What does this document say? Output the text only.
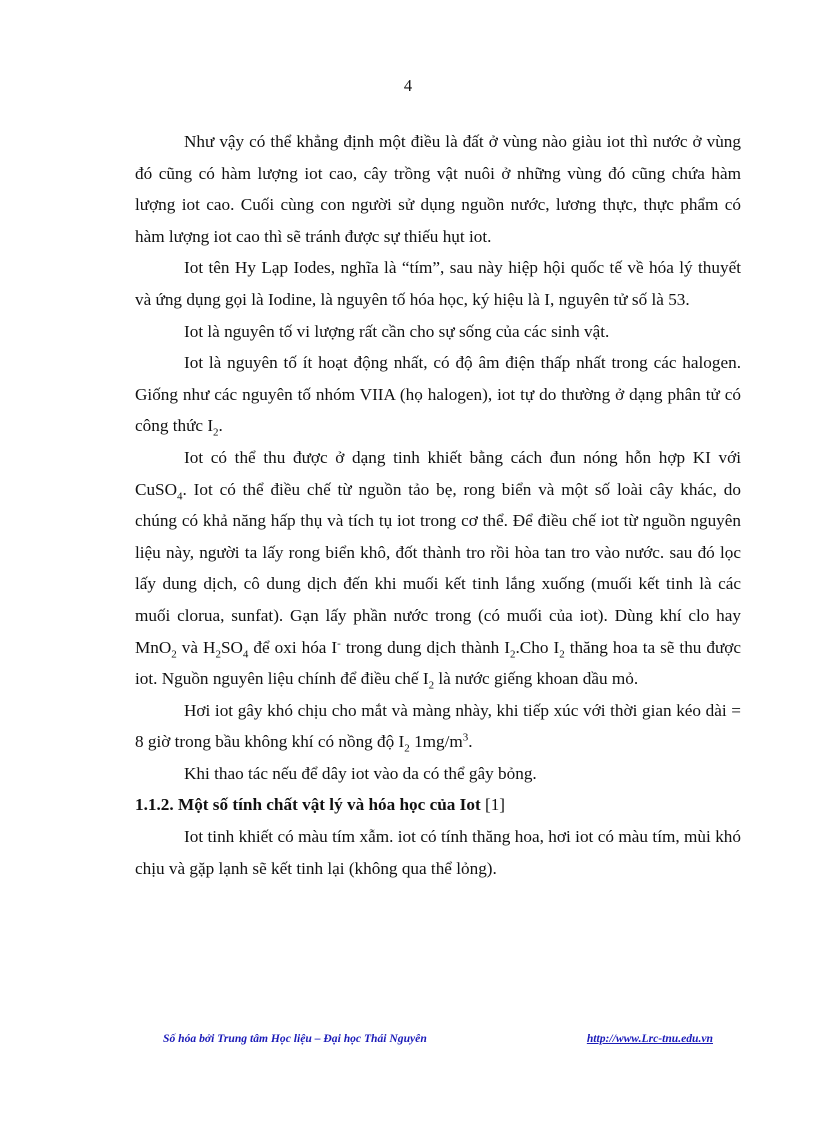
4

Như vậy có thể khẳng định một điều là đất ở vùng nào giàu iot thì nước ở vùng đó cũng có hàm lượng iot cao, cây trồng vật nuôi ở những vùng đó cũng chứa hàm lượng iot cao. Cuối cùng con người sử dụng nguồn nước, lương thực, thực phẩm có hàm lượng iot cao thì sẽ tránh được sự thiếu hụt iot.

Iot tên Hy Lạp Iodes, nghĩa là “tím”, sau này hiệp hội quốc tế về hóa lý thuyết và ứng dụng gọi là Iodine, là nguyên tố hóa học, ký hiệu là I, nguyên tử số là 53.

Iot là nguyên tố vi lượng rất cần cho sự sống của các sinh vật.

Iot là nguyên tố ít hoạt động nhất, có độ âm điện thấp nhất trong các halogen. Giống như các nguyên tố nhóm VIIA (họ halogen), iot tự do thường ở dạng phân tử có công thức $I_2$.

Iot có thể thu được ở dạng tinh khiết bằng cách đun nóng hỗn hợp KI với CuSO$_4$. Iot có thể điều chế từ nguồn tảo bẹ, rong biển và một số loài cây khác, do chúng có khả năng hấp thụ và tích tụ iot trong cơ thể. Để điều chế iot từ nguồn nguyên liệu này, người ta lấy rong biển khô, đốt thành tro rồi hòa tan tro vào nước. sau đó lọc lấy dung dịch, cô dung dịch đến khi muối kết tinh lắng xuống (muối kết tinh là các muối clorua, sunfat). Gạn lấy phần nước trong (có muối của iot). Dùng khí clo hay MnO$_2$ và $H_2SO_4$ để oxi hóa I- trong dung dịch thành $I_2.Cho$ $I_2$ thăng hoa ta sẽ thu được iot. Nguồn nguyên liệu chính để điều chế $I_2$ là nước giếng khoan dầu mỏ.

Hơi iot gây khó chịu cho mắt và màng nhày, khi tiếp xúc với thời gian kéo dài = 8 giờ trong bầu không khí có nồng độ $I_2$ $1mg/m^3$.

Khi thao tác nếu để dây iot vào da có thể gây bỏng.

1.1.2. Một số tính chất vật lý và hóa học của Iot [1]

Iot tinh khiết có màu tím xẫm. iot có tính thăng hoa, hơi iot có màu tím, mùi khó chịu và gặp lạnh sẽ kết tinh lại (không qua thể lỏng).

Số hóa bởi Trung tâm Học liệu – Đại học Thái Nguyên	http://www.Lrc-tnu.edu.vn
